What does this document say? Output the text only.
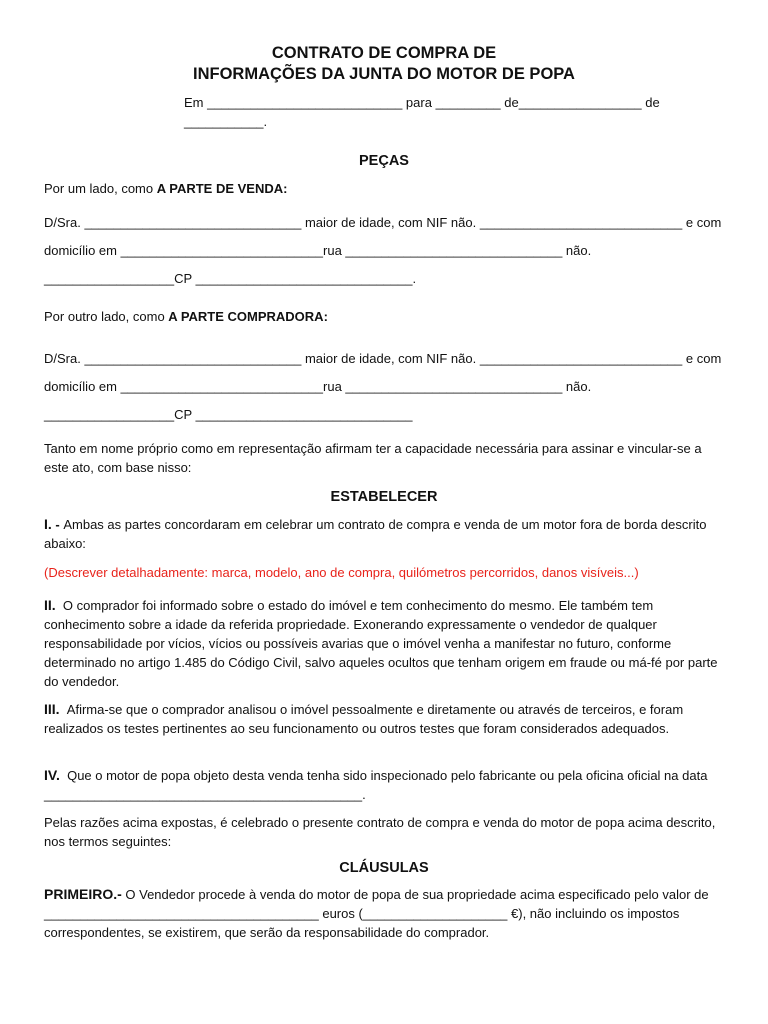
CONTRATO DE COMPRA DE

INFORMAÇÕES DA JUNTA DO MOTOR DE POPA

Em ___________________________ para _________ de_________________ de ___________.

PEÇAS

Por um lado, como A PARTE DE VENDA:

D/Sra. ______________________________ maior de idade, com NIF não. ____________________________ e com

domicílio em ____________________________rua ______________________________ não.

__________________CP ______________________________.

Por outro lado, como A PARTE COMPRADORA:

D/Sra. ______________________________ maior de idade, com NIF não. ____________________________ e com

domicílio em ____________________________rua ______________________________ não.

__________________CP ______________________________

Tanto em nome próprio como em representação afirmam ter a capacidade necessária para assinar e vincular-se a este ato, com base nisso:

ESTABELECER

I. - Ambas as partes concordaram em celebrar um contrato de compra e venda de um motor fora de borda descrito abaixo:

(Descrever detalhadamente: marca, modelo, ano de compra, quilómetros percorridos, danos visíveis...)

II. O comprador foi informado sobre o estado do imóvel e tem conhecimento do mesmo. Ele também tem conhecimento sobre a idade da referida propriedade. Exonerando expressamente o vendedor de qualquer responsabilidade por vícios, vícios ou possíveis avarias que o imóvel venha a manifestar no futuro, conforme determinado no artigo 1.485 do Código Civil, salvo aqueles ocultos que tenham origem em fraude ou má-fé por parte do vendedor.

III. Afirma-se que o comprador analisou o imóvel pessoalmente e diretamente ou através de terceiros, e foram realizados os testes pertinentes ao seu funcionamento ou outros testes que foram considerados adequados.

IV. Que o motor de popa objeto desta venda tenha sido inspecionado pelo fabricante ou pela oficina oficial na data ____________________________________________.

Pelas razões acima expostas, é celebrado o presente contrato de compra e venda do motor de popa acima descrito, nos termos seguintes:

CLÁUSULAS

PRIMEIRO.- O Vendedor procede à venda do motor de popa de sua propriedade acima especificado pelo valor de ______________________________________ euros (____________________ €), não incluindo os impostos correspondentes, se existirem, que serão da responsabilidade do comprador.
